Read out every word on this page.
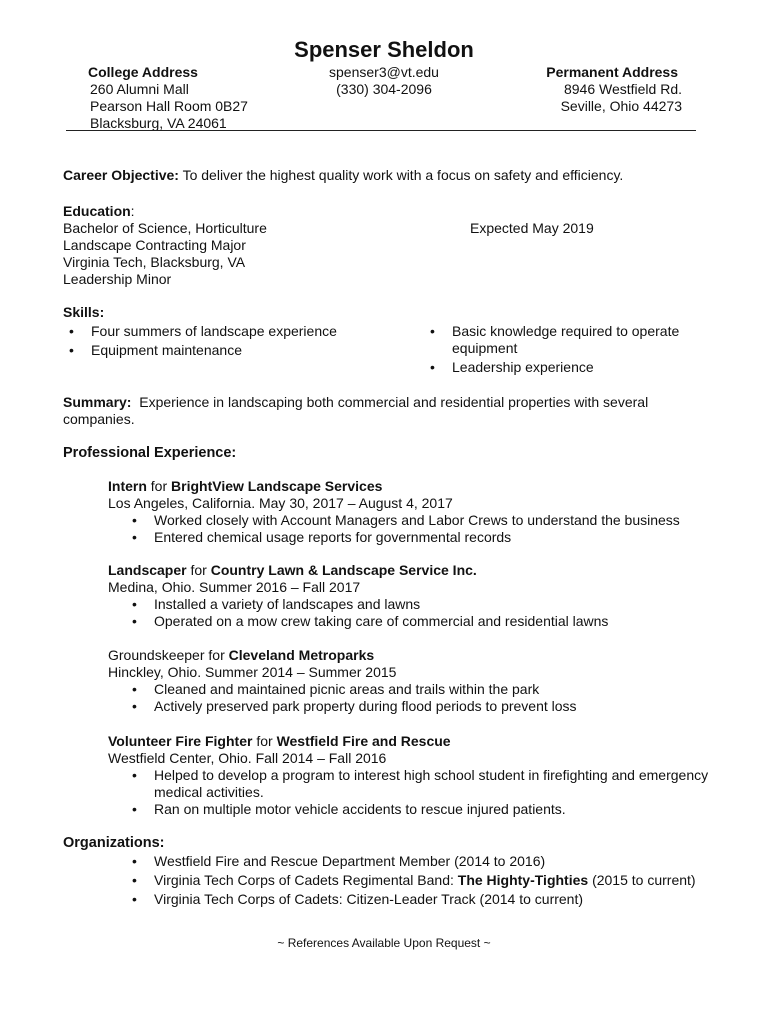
Spenser Sheldon
College Address
260 Alumni Mall
Pearson Hall Room 0B27
Blacksburg, VA 24061
spenser3@vt.edu
(330) 304-2096
Permanent Address
8946 Westfield Rd.
Seville, Ohio 44273
Career Objective: To deliver the highest quality work with a focus on safety and efficiency.
Education:
Bachelor of Science, Horticulture
Landscape Contracting Major
Virginia Tech, Blacksburg, VA
Leadership Minor
Expected May 2019
Skills:
• Four summers of landscape experience
• Equipment maintenance
• Basic knowledge required to operate
equipment
• Leadership experience
Summary:  Experience in landscaping both commercial and residential properties with several
companies.
Professional Experience:
Intern for BrightView Landscape Services
Los Angeles, California. May 30, 2017 – August 4, 2017
• Worked closely with Account Managers and Labor Crews to understand the business
• Entered chemical usage reports for governmental records
Landscaper for Country Lawn & Landscape Service Inc.
Medina, Ohio. Summer 2016 – Fall 2017
• Installed a variety of landscapes and lawns
• Operated on a mow crew taking care of commercial and residential lawns
Groundskeeper for Cleveland Metroparks
Hinckley, Ohio. Summer 2014 – Summer 2015
• Cleaned and maintained picnic areas and trails within the park
• Actively preserved park property during flood periods to prevent loss
Volunteer Fire Fighter for Westfield Fire and Rescue
Westfield Center, Ohio. Fall 2014 – Fall 2016
• Helped to develop a program to interest high school student in firefighting and emergency
medical activities.
• Ran on multiple motor vehicle accidents to rescue injured patients.
Organizations:
• Westfield Fire and Rescue Department Member (2014 to 2016)
• Virginia Tech Corps of Cadets Regimental Band: The Highty-Tighties (2015 to current)
• Virginia Tech Corps of Cadets: Citizen-Leader Track (2014 to current)
~ References Available Upon Request ~
